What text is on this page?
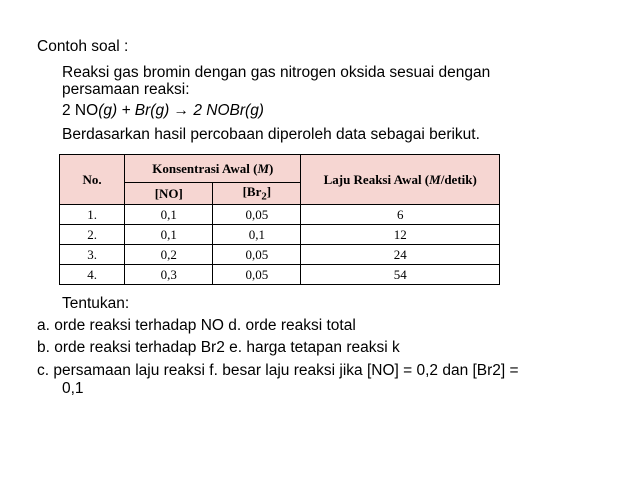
Contoh soal :
Reaksi gas bromin dengan gas nitrogen oksida sesuai dengan
persamaan reaksi:
2 NO(g) + Br(g) → 2 NOBr(g)
Berdasarkan hasil percobaan diperoleh data sebagai berikut.
No.	Konsentrasi Awal (M)		Laju Reaksi Awal (M/detik)
	[NO]	$[Br_2]$	
1.	0,1	0,05	6
2.	0,1	0,1	12
3.	0,2	0,05	24
4.	0,3	0,05	54
Tentukan:
a. orde reaksi terhadap NO d. orde reaksi total
b. orde reaksi terhadap Br2 e. harga tetapan reaksi k
c. persamaan laju reaksi f. besar laju reaksi jika [NO] = 0,2 dan [Br2] =
0,1
